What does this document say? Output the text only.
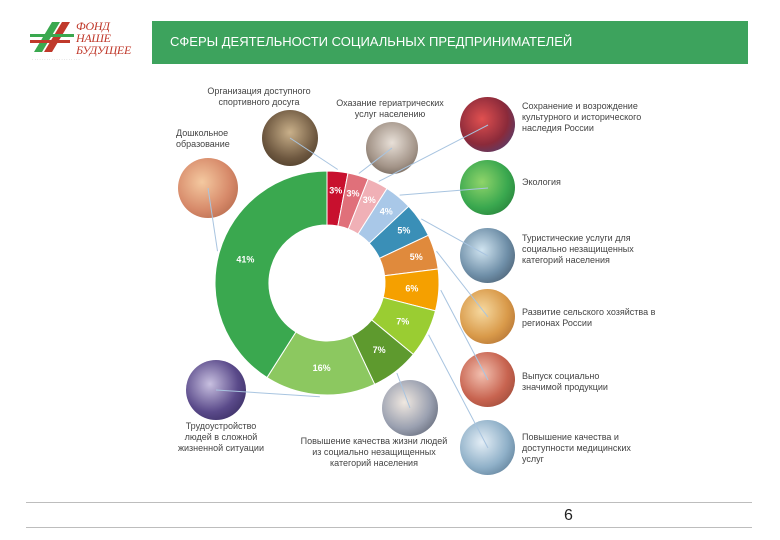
ФОНД НАШЕ БУДУЩЕЕ
· · · · · · · · · · · · · · · · · · · ·
СФЕРЫ ДЕЯТЕЛЬНОСТИ СОЦИАЛЬНЫХ ПРЕДПРИНИМАТЕЛЕЙ
Организация доступного спортивного досуга	Охазание гериатрических услуг населению
Сохранение и возрождение культурного и исторического наследия России
Экология
Туристические услуги для социально незащищенных категорий населения
Развитие сельского хозяйства в регионах России
Выпуск социально значимой продукции
Повышение качества и доступности медицинских услуг
Повышение качества жизни людей из социально незащищенных категорий населения
Трудоустройство людей в сложной жизненной ситуации
Дошкольное образование
3% 3%
3%
4%
5%
5%
6%
7%
7%
16%
41%
6
